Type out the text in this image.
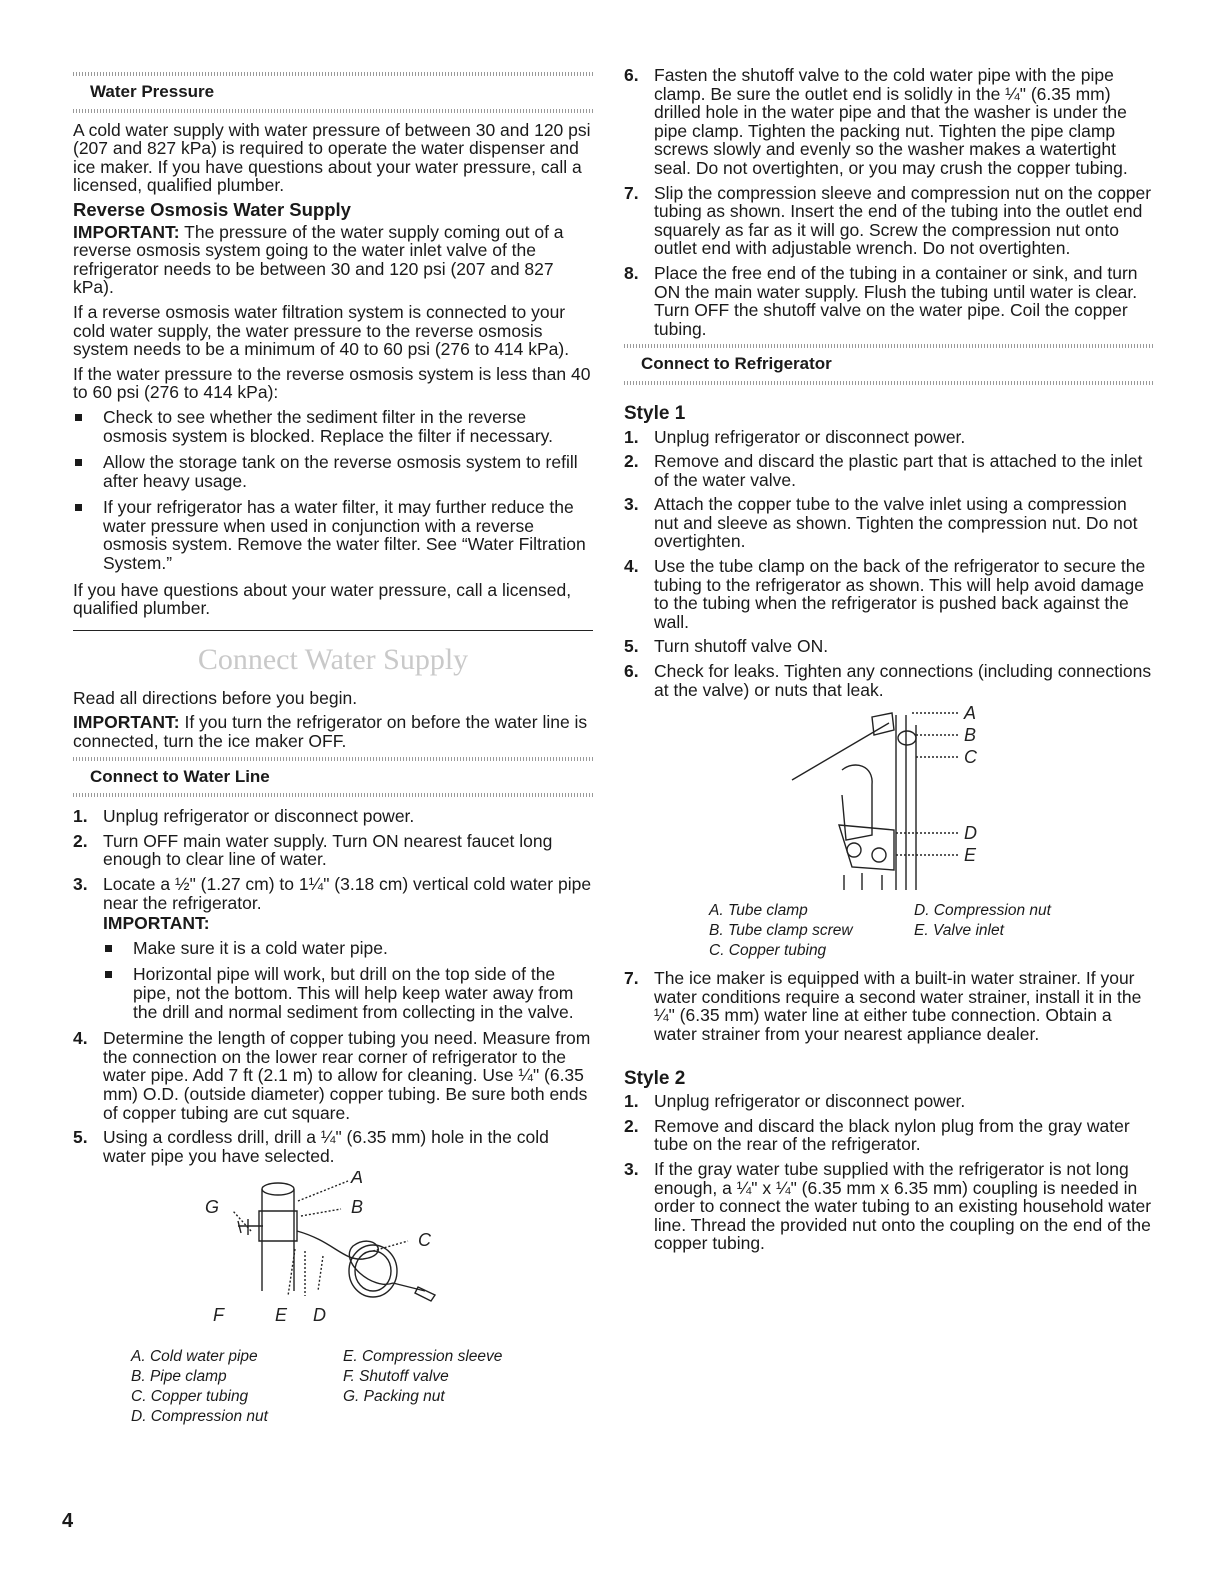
Water Pressure

A cold water supply with water pressure of between 30 and 120 psi (207 and 827 kPa) is required to operate the water dispenser and ice maker. If you have questions about your water pressure, call a licensed, qualified plumber.

Reverse Osmosis Water Supply

IMPORTANT: The pressure of the water supply coming out of a reverse osmosis system going to the water inlet valve of the refrigerator needs to be between 30 and 120 psi (207 and 827 kPa).

If a reverse osmosis water filtration system is connected to your cold water supply, the water pressure to the reverse osmosis system needs to be a minimum of 40 to 60 psi (276 to 414 kPa).

If the water pressure to the reverse osmosis system is less than 40 to 60 psi (276 to 414 kPa):

Check to see whether the sediment filter in the reverse osmosis system is blocked. Replace the filter if necessary.
Allow the storage tank on the reverse osmosis system to refill after heavy usage.
If your refrigerator has a water filter, it may further reduce the water pressure when used in conjunction with a reverse osmosis system. Remove the water filter. See “Water Filtration System.”

If you have questions about your water pressure, call a licensed, qualified plumber.

Connect Water Supply

Read all directions before you begin.

IMPORTANT: If you turn the refrigerator on before the water line is connected, turn the ice maker OFF.

Connect to Water Line
1. Unplug refrigerator or disconnect power.
2. Turn OFF main water supply. Turn ON nearest faucet long enough to clear line of water.
3. Locate a ½" (1.27 cm) to 1¼" (3.18 cm) vertical cold water pipe near the refrigerator.
IMPORTANT:
Make sure it is a cold water pipe.
Horizontal pipe will work, but drill on the top side of the pipe, not the bottom. This will help keep water away from the drill and normal sediment from collecting in the valve.
4. Determine the length of copper tubing you need. Measure from the connection on the lower rear corner of refrigerator to the water pipe. Add 7 ft (2.1 m) to allow for cleaning. Use ¼" (6.35 mm) O.D. (outside diameter) copper tubing. Be sure both ends of copper tubing are cut square.
5. Using a cordless drill, drill a ¼" (6.35 mm) hole in the cold water pipe you have selected.
A
B
C
D
E
F
G
A. Cold water pipe
B. Pipe clamp
C. Copper tubing
D. Compression nut
E. Compression sleeve
F. Shutoff valve
G. Packing nut
6. Fasten the shutoff valve to the cold water pipe with the pipe clamp. Be sure the outlet end is solidly in the ¼" (6.35 mm) drilled hole in the water pipe and that the washer is under the pipe clamp. Tighten the packing nut. Tighten the pipe clamp screws slowly and evenly so the washer makes a watertight seal. Do not overtighten, or you may crush the copper tubing.
7. Slip the compression sleeve and compression nut on the copper tubing as shown. Insert the end of the tubing into the outlet end squarely as far as it will go. Screw the compression nut onto outlet end with adjustable wrench. Do not overtighten.
8. Place the free end of the tubing in a container or sink, and turn ON the main water supply. Flush the tubing until water is clear. Turn OFF the shutoff valve on the water pipe. Coil the copper tubing.
Connect to Refrigerator
Style 1
1. Unplug refrigerator or disconnect power.
2. Remove and discard the plastic part that is attached to the inlet of the water valve.
3. Attach the copper tube to the valve inlet using a compression nut and sleeve as shown. Tighten the compression nut. Do not overtighten.
4. Use the tube clamp on the back of the refrigerator to secure the tubing to the refrigerator as shown. This will help avoid damage to the tubing when the refrigerator is pushed back against the wall.
5. Turn shutoff valve ON.
6. Check for leaks. Tighten any connections (including connections at the valve) or nuts that leak.
A
B
C
D
E
A. Tube clamp
B. Tube clamp screw
C. Copper tubing
D. Compression nut
E. Valve inlet
7. The ice maker is equipped with a built-in water strainer. If your water conditions require a second water strainer, install it in the ¼" (6.35 mm) water line at either tube connection. Obtain a water strainer from your nearest appliance dealer.
Style 2
1. Unplug refrigerator or disconnect power.
2. Remove and discard the black nylon plug from the gray water tube on the rear of the refrigerator.
3. If the gray water tube supplied with the refrigerator is not long enough, a ¼" x ¼" (6.35 mm x 6.35 mm) coupling is needed in order to connect the water tubing to an existing household water line. Thread the provided nut onto the coupling on the end of the copper tubing.
4
